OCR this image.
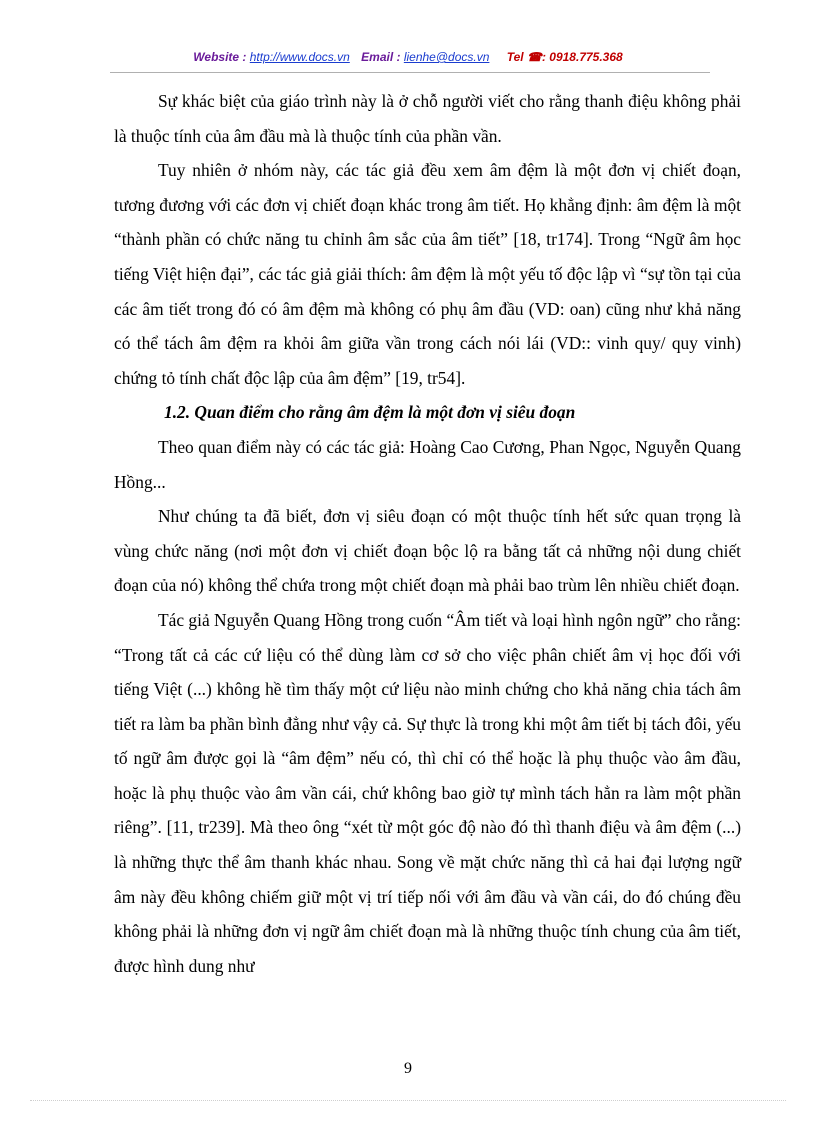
Website : http://www.docs.vn Email : lienhe@docs.vn Tel ☎: 0918.775.368

Sự khác biệt của giáo trình này là ở chỗ người viết cho rằng thanh điệu không phải là thuộc tính của âm đầu mà là thuộc tính của phần vần.

Tuy nhiên ở nhóm này, các tác giả đều xem âm đệm là một đơn vị chiết đoạn, tương đương với các đơn vị chiết đoạn khác trong âm tiết. Họ khẳng định: âm đệm là một “thành phần có chức năng tu chỉnh âm sắc của âm tiết” [18, tr174]. Trong “Ngữ âm học tiếng Việt hiện đại”, các tác giả giải thích: âm đệm là một yếu tố độc lập vì “sự tồn tại của các âm tiết trong đó có âm đệm mà không có phụ âm đầu (VD: oan) cũng như khả năng có thể tách âm đệm ra khỏi âm giữa vần trong cách nói lái (VD:: vinh quy/ quy vinh) chứng tỏ tính chất độc lập của âm đệm” [19, tr54].

1.2. Quan điểm cho rằng âm đệm là một đơn vị siêu đoạn

Theo quan điểm này có các tác giả: Hoàng Cao Cương, Phan Ngọc, Nguyễn Quang Hồng...

Như chúng ta đã biết, đơn vị siêu đoạn có một thuộc tính hết sức quan trọng là vùng chức năng (nơi một đơn vị chiết đoạn bộc lộ ra bằng tất cả những nội dung chiết đoạn của nó) không thể chứa trong một chiết đoạn mà phải bao trùm lên nhiều chiết đoạn.

Tác giả Nguyễn Quang Hồng trong cuốn “Âm tiết và loại hình ngôn ngữ” cho rằng: “Trong tất cả các cứ liệu có thể dùng làm cơ sở cho việc phân chiết âm vị học đối với tiếng Việt (...) không hề tìm thấy một cứ liệu nào minh chứng cho khả năng chia tách âm tiết ra làm ba phần bình đẳng như vậy cả. Sự thực là trong khi một âm tiết bị tách đôi, yếu tố ngữ âm được gọi là “âm đệm” nếu có, thì chỉ có thể hoặc là phụ thuộc vào âm đầu, hoặc là phụ thuộc vào âm vần cái, chứ không bao giờ tự mình tách hẳn ra làm một phần riêng”. [11, tr239]. Mà theo ông “xét từ một góc độ nào đó thì thanh điệu và âm đệm (...) là những thực thể âm thanh khác nhau. Song về mặt chức năng thì cả hai đại lượng ngữ âm này đều không chiếm giữ một vị trí tiếp nối với âm đầu và vần cái, do đó chúng đều không phải là những đơn vị ngữ âm chiết đoạn mà là những thuộc tính chung của âm tiết, được hình dung như

9
